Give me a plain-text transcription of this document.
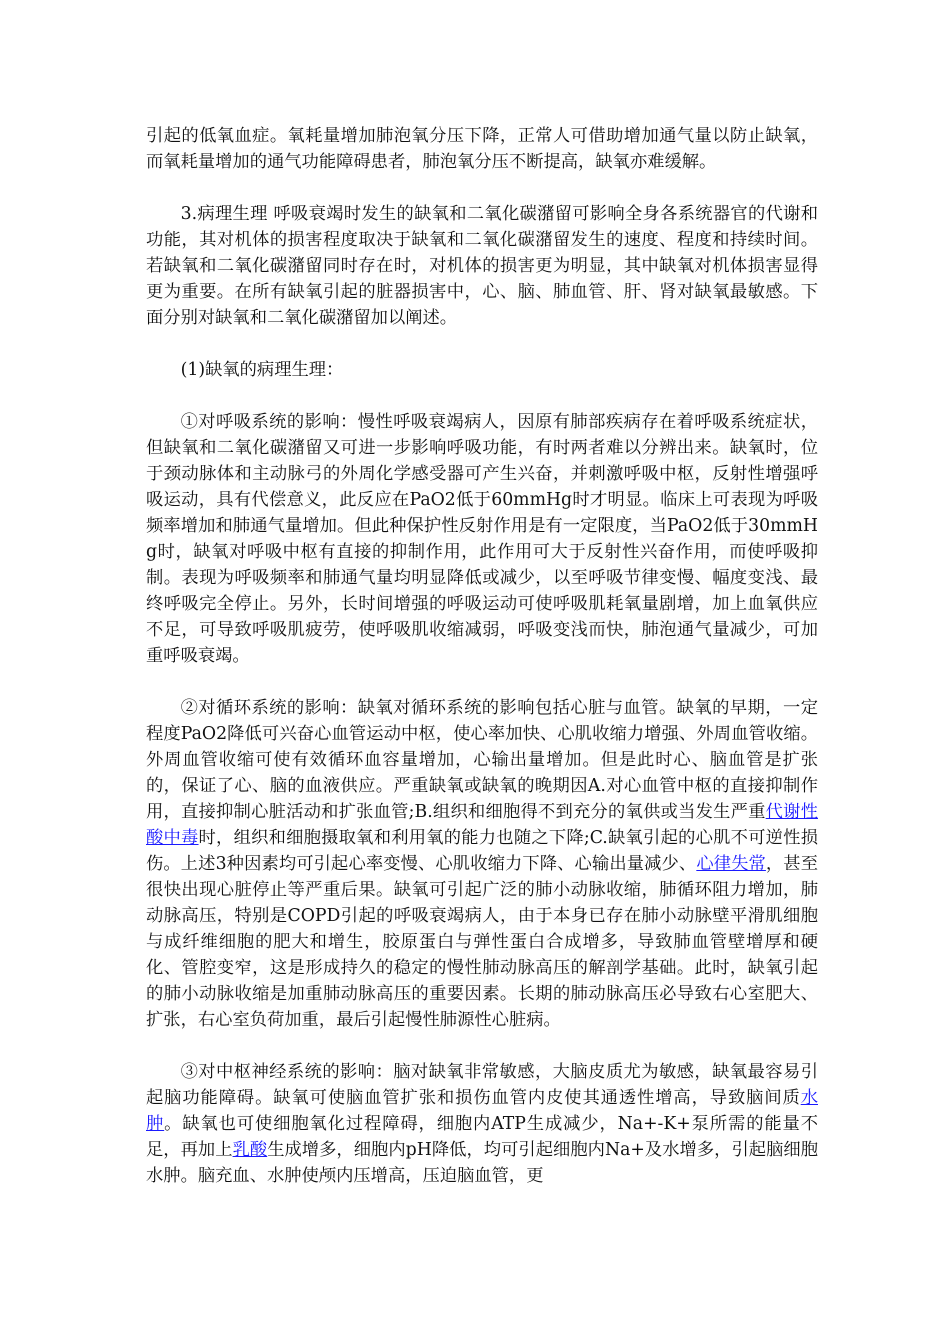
引起的低氧血症。氧耗量增加肺泡氧分压下降，正常人可借助增加通气量以防止缺氧，而氧耗量增加的通气功能障碍患者，肺泡氧分压不断提高，缺氧亦难缓解。

3.病理生理 呼吸衰竭时发生的缺氧和二氧化碳潴留可影响全身各系统器官的代谢和功能，其对机体的损害程度取决于缺氧和二氧化碳潴留发生的速度、程度和持续时间。若缺氧和二氧化碳潴留同时存在时，对机体的损害更为明显，其中缺氧对机体损害显得更为重要。在所有缺氧引起的脏器损害中，心、脑、肺血管、肝、肾对缺氧最敏感。下面分别对缺氧和二氧化碳潴留加以阐述。

(1)缺氧的病理生理：

①对呼吸系统的影响：慢性呼吸衰竭病人，因原有肺部疾病存在着呼吸系统症状，但缺氧和二氧化碳潴留又可进一步影响呼吸功能，有时两者难以分辨出来。缺氧时，位于颈动脉体和主动脉弓的外周化学感受器可产生兴奋，并刺激呼吸中枢，反射性增强呼吸运动，具有代偿意义，此反应在PaO2低于60mmHg时才明显。临床上可表现为呼吸频率增加和肺通气量增加。但此种保护性反射作用是有一定限度，当PaO2低于30mmHg时，缺氧对呼吸中枢有直接的抑制作用，此作用可大于反射性兴奋作用，而使呼吸抑制。表现为呼吸频率和肺通气量均明显降低或减少，以至呼吸节律变慢、幅度变浅、最终呼吸完全停止。另外，长时间增强的呼吸运动可使呼吸肌耗氧量剧增，加上血氧供应不足，可导致呼吸肌疲劳，使呼吸肌收缩减弱，呼吸变浅而快，肺泡通气量减少，可加重呼吸衰竭。

②对循环系统的影响：缺氧对循环系统的影响包括心脏与血管。缺氧的早期，一定程度PaO2降低可兴奋心血管运动中枢，使心率加快、心肌收缩力增强、外周血管收缩。外周血管收缩可使有效循环血容量增加，心输出量增加。但是此时心、脑血管是扩张的，保证了心、脑的血液供应。严重缺氧或缺氧的晚期因A.对心血管中枢的直接抑制作用，直接抑制心脏活动和扩张血管;B.组织和细胞得不到充分的氧供或当发生严重代谢性酸中毒时，组织和细胞摄取氧和利用氧的能力也随之下降;C.缺氧引起的心肌不可逆性损伤。上述3种因素均可引起心率变慢、心肌收缩力下降、心输出量减少、心律失常，甚至很快出现心脏停止等严重后果。缺氧可引起广泛的肺小动脉收缩，肺循环阻力增加，肺动脉高压，特别是COPD引起的呼吸衰竭病人，由于本身已存在肺小动脉壁平滑肌细胞与成纤维细胞的肥大和增生，胶原蛋白与弹性蛋白合成增多，导致肺血管壁增厚和硬化、管腔变窄，这是形成持久的稳定的慢性肺动脉高压的解剖学基础。此时，缺氧引起的肺小动脉收缩是加重肺动脉高压的重要因素。长期的肺动脉高压必导致右心室肥大、扩张，右心室负荷加重，最后引起慢性肺源性心脏病。

③对中枢神经系统的影响：脑对缺氧非常敏感，大脑皮质尤为敏感，缺氧最容易引起脑功能障碍。缺氧可使脑血管扩张和损伤血管内皮使其通透性增高，导致脑间质水肿。缺氧也可使细胞氧化过程障碍，细胞内ATP生成减少，Na+-K+泵所需的能量不足，再加上乳酸生成增多，细胞内pH降低，均可引起细胞内Na+及水增多，引起脑细胞水肿。脑充血、水肿使颅内压增高，压迫脑血管，更
